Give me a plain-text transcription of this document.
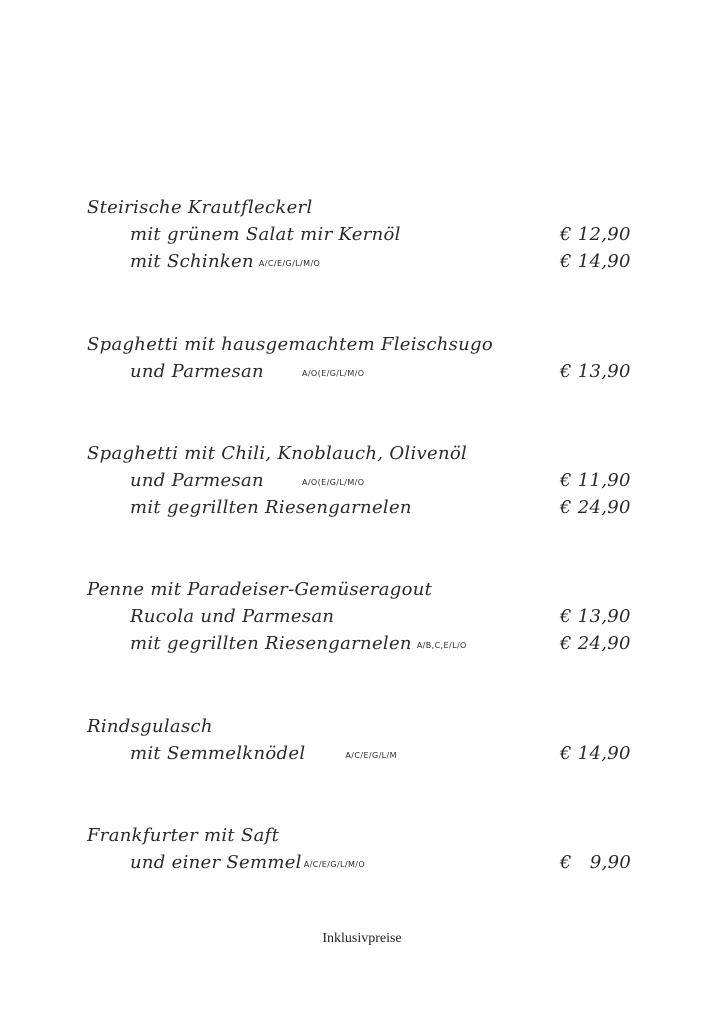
Steirische Krautfleckerl
mit grünem Salat mir Kernöl	€ 12,90
mit Schinken A/C/E/G/L/M/O	€ 14,90
Spaghetti mit hausgemachtem Fleischsugo
und Parmesan	A/O(E/G/L/M/O	€ 13,90
Spaghetti mit Chili, Knoblauch, Olivenöl
und Parmesan	A/O(E/G/L/M/O	€ 11,90
mit gegrillten Riesengarnelen	€ 24,90
Penne mit Paradeiser-Gemüseragout
Rucola und Parmesan	€ 13,90
mit gegrillten Riesengarnelen A/B,C,E/L/O	€ 24,90
Rindsgulasch
mit Semmelknödel	A/C/E/G/L/M	€ 14,90
Frankfurter mit Saft
und einer Semmel A/C/E/G/L/M/O	€   9,90
Inklusivpreise
